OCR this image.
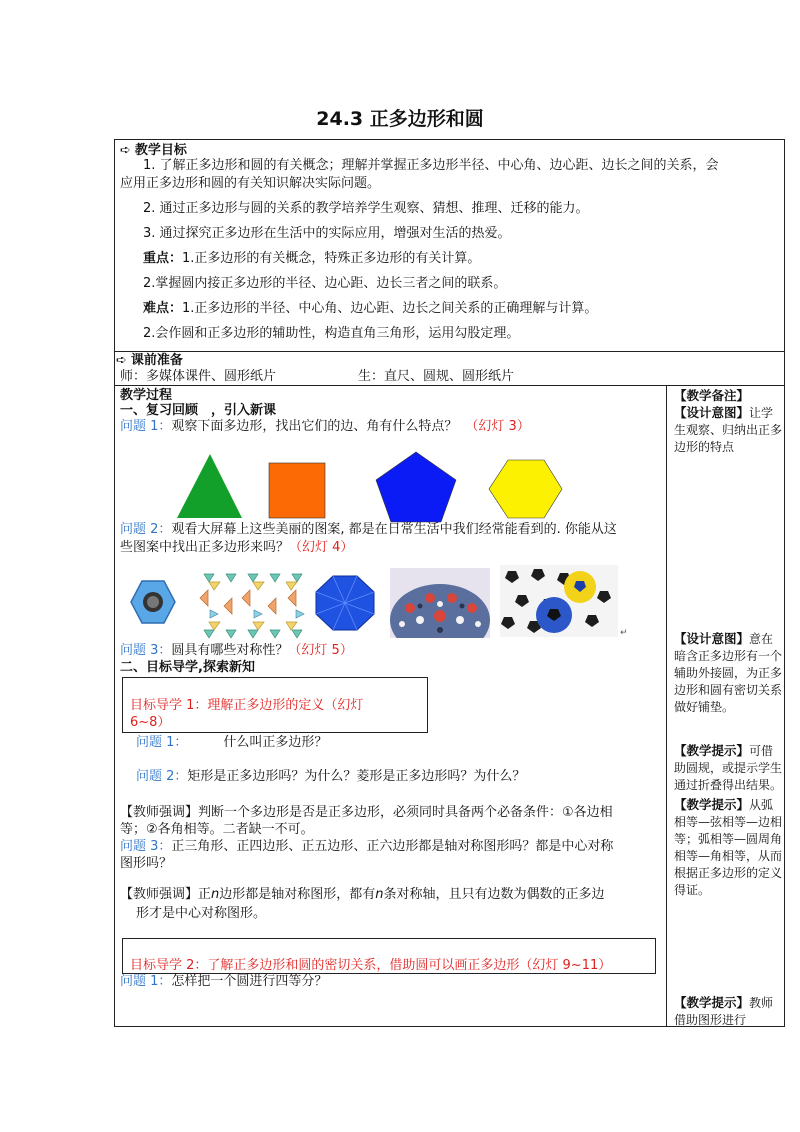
24.3 正多边形和圆
➪ 教学目标
1. 了解正多边形和圆的有关概念；理解并掌握正多边形半径、中心角、边心距、边长之间的关系，会
应用正多边形和圆的有关知识解决实际问题。
2. 通过正多边形与圆的关系的教学培养学生观察、猜想、推理、迁移的能力。
3. 通过探究正多边形在生活中的实际应用，增强对生活的热爱。
重点：1.正多边形的有关概念，特殊正多边形的有关计算。
2.掌握圆内接正多边形的半径、边心距、边长三者之间的联系。
难点：1.正多边形的半径、中心角、边心距、边长之间关系的正确理解与计算。
2.会作圆和正多边形的辅助性，构造直角三角形，运用勾股定理。
➪ 课前准备
师：多媒体课件、圆形纸片	生：直尺、圆规、圆形纸片
教学过程
一、复习回顾　，引入新课
问题 1：观察下面多边形，找出它们的边、角有什么特点？ （幻灯 3）
问题 2：观看大屏幕上这些美丽的图案, 都是在日常生活中我们经常能看到的. 你能从这
些图案中找出正多边形来吗？（幻灯 4）
↵
问题 3：圆具有哪些对称性？（幻灯 5）
二、目标导学,探索新知
目标导学 1：理解正多边形的定义（幻灯
6~8）
问题 1：	什么叫正多边形？
问题 2：矩形是正多边形吗？为什么？菱形是正多边形吗？为什么？
【教师强调】判断一个多边形是否是正多边形，必须同时具备两个必备条件：①各边相
等；②各角相等。二者缺一不可。
问题 3：正三角形、正四边形、正五边形、正六边形都是轴对称图形吗？都是中心对称
图形吗？
【教师强调】正n边形都是轴对称图形，都有n条对称轴，且只有边数为偶数的正多边
形才是中心对称图形。
目标导学 2：了解正多边形和圆的密切关系，借助圆可以画正多边形（幻灯 9~11）
问题 1：怎样把一个圆进行四等分？
【教学备注】
【设计意图】让学生观察、归纳出正多边形的特点
【设计意图】意在暗含正多边形有一个辅助外接圆，为正多边形和圆有密切关系做好铺垫。
【教学提示】可借助圆规，或提示学生通过折叠得出结果。
【教学提示】从弧相等—弦相等—边相等；弧相等—圆周角相等—角相等，从而根据正多边形的定义得证。
【教学提示】教师借助图形进行
